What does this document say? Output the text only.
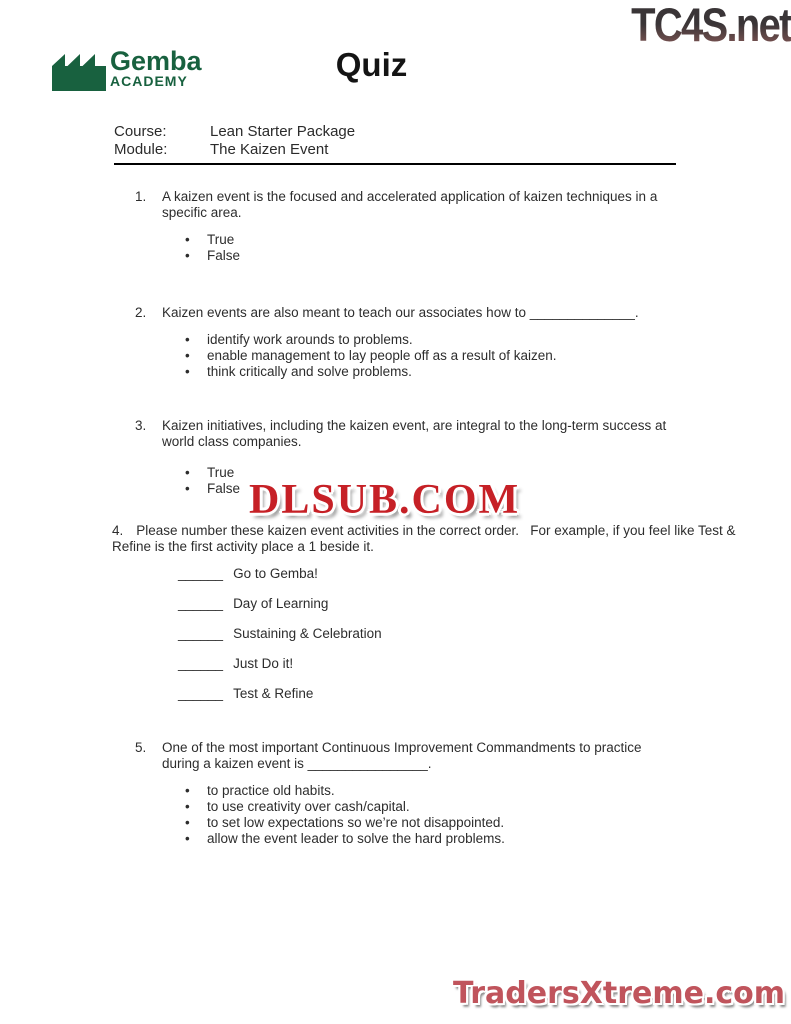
TC4S.net
Gemba
ACADEMY	Quiz
Course:	Lean Starter Package
Module:	The Kaizen Event
1.	A kaizen event is the focused and accelerated application of kaizen techniques in a specific area.
• True
• False
2.	Kaizen events are also meant to teach our associates how to ______________.
• identify work arounds to problems.
• enable management to lay people off as a result of kaizen.
• think critically and solve problems.
3.	Kaizen initiatives, including the kaizen event, are integral to the long-term success at world class companies.
• True
• False DLSUB.COM

4. Please number these kaizen event activities in the correct order.   For example, if you feel like Test & Refine is the first activity place a 1 beside it.

______ Go to Gemba!
______ Day of Learning
______ Sustaining & Celebration
______ Just Do it!
______ Test & Refine
5.	One of the most important Continuous Improvement Commandments to practice during a kaizen event is ________________.
• to practice old habits.
• to use creativity over cash/capital.
• to set low expectations so we’re not disappointed.
• allow the event leader to solve the hard problems.
TradersXtreme.com
